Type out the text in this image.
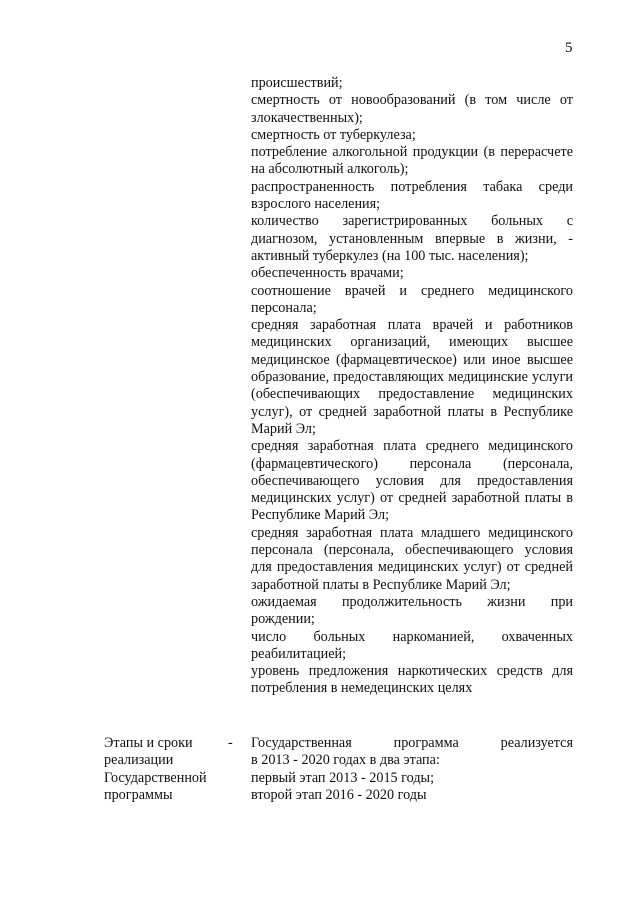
5

происшествий;

смертность от новообразований (в том числе от злокачественных);

смертность от туберкулеза;

потребление алкогольной продукции (в перерасчете на абсолютный алкоголь);

распространенность потребления табака среди взрослого населения;

количество зарегистрированных больных с диагнозом, установленным впервые в жизни, - активный туберкулез (на 100 тыс. населения);

обеспеченность врачами;

соотношение врачей и среднего медицинского персонала;

средняя заработная плата врачей и работников медицинских организаций, имеющих высшее медицинское (фармацевтическое) или иное высшее образование, предоставляющих медицинские услуги (обеспечивающих предоставление медицинских услуг), от средней заработной платы в Республике Марий Эл;

средняя заработная плата среднего медицинского (фармацевтического) персонала (персонала, обеспечивающего условия для предоставления медицинских услуг) от средней заработной платы в Республике Марий Эл;

средняя заработная плата младшего медицинского персонала (персонала, обеспечивающего условия для предоставления медицинских услуг) от средней заработной платы в Республике Марий Эл;

ожидаемая продолжительность жизни при рождении;

число больных наркоманией, охваченных реабилитацией;

уровень предложения наркотических средств для потребления в немедецинских целях

Этапы и сроки реализации Государственной программы
- Государственная программа реализуется

в 2013 - 2020 годах в два этапа:

первый этап 2013 - 2015 годы;

второй этап 2016 - 2020 годы
